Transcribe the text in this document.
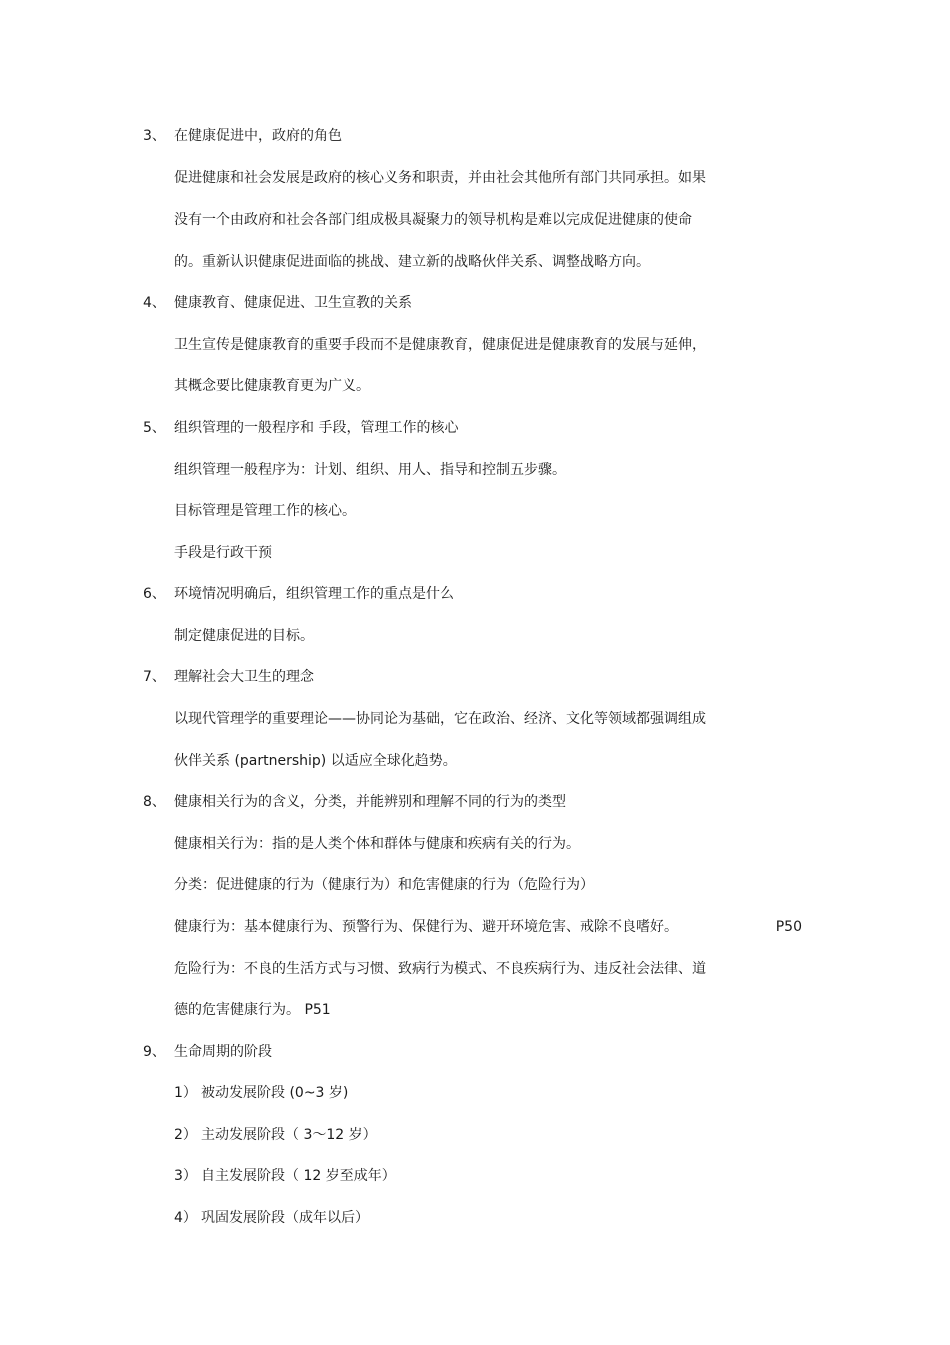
3、 在健康促进中，政府的角色
促进健康和社会发展是政府的核心义务和职责，并由社会其他所有部门共同承担。如果
没有一个由政府和社会各部门组成极具凝聚力的领导机构是难以完成促进健康的使命
的。重新认识健康促进面临的挑战、建立新的战略伙伴关系、调整战略方向。
4、 健康教育、健康促进、卫生宣教的关系
卫生宣传是健康教育的重要手段而不是健康教育，健康促进是健康教育的发展与延伸，
其概念要比健康教育更为广义。
5、 组织管理的一般程序和 手段，管理工作的核心
组织管理一般程序为：计划、组织、用人、指导和控制五步骤。
目标管理是管理工作的核心。
手段是行政干预
6、 环境情况明确后，组织管理工作的重点是什么
制定健康促进的目标。
7、 理解社会大卫生的理念
以现代管理学的重要理论——协同论为基础，它在政治、经济、文化等领域都强调组成
伙伴关系 (partnership) 以适应全球化趋势。
8、 健康相关行为的含义，分类，并能辨别和理解不同的行为的类型
健康相关行为：指的是人类个体和群体与健康和疾病有关的行为。
分类：促进健康的行为（健康行为）和危害健康的行为（危险行为）
健康行为：基本健康行为、预警行为、保健行为、避开环境危害、戒除不良嗜好。	P50
危险行为：不良的生活方式与习惯、致病行为模式、不良疾病行为、违反社会法律、道
德的危害健康行为。 P51
9、 生命周期的阶段
1） 被动发展阶段 (0~3 岁)
2） 主动发展阶段（ 3～12 岁）
3） 自主发展阶段（ 12 岁至成年）
4） 巩固发展阶段（成年以后）
